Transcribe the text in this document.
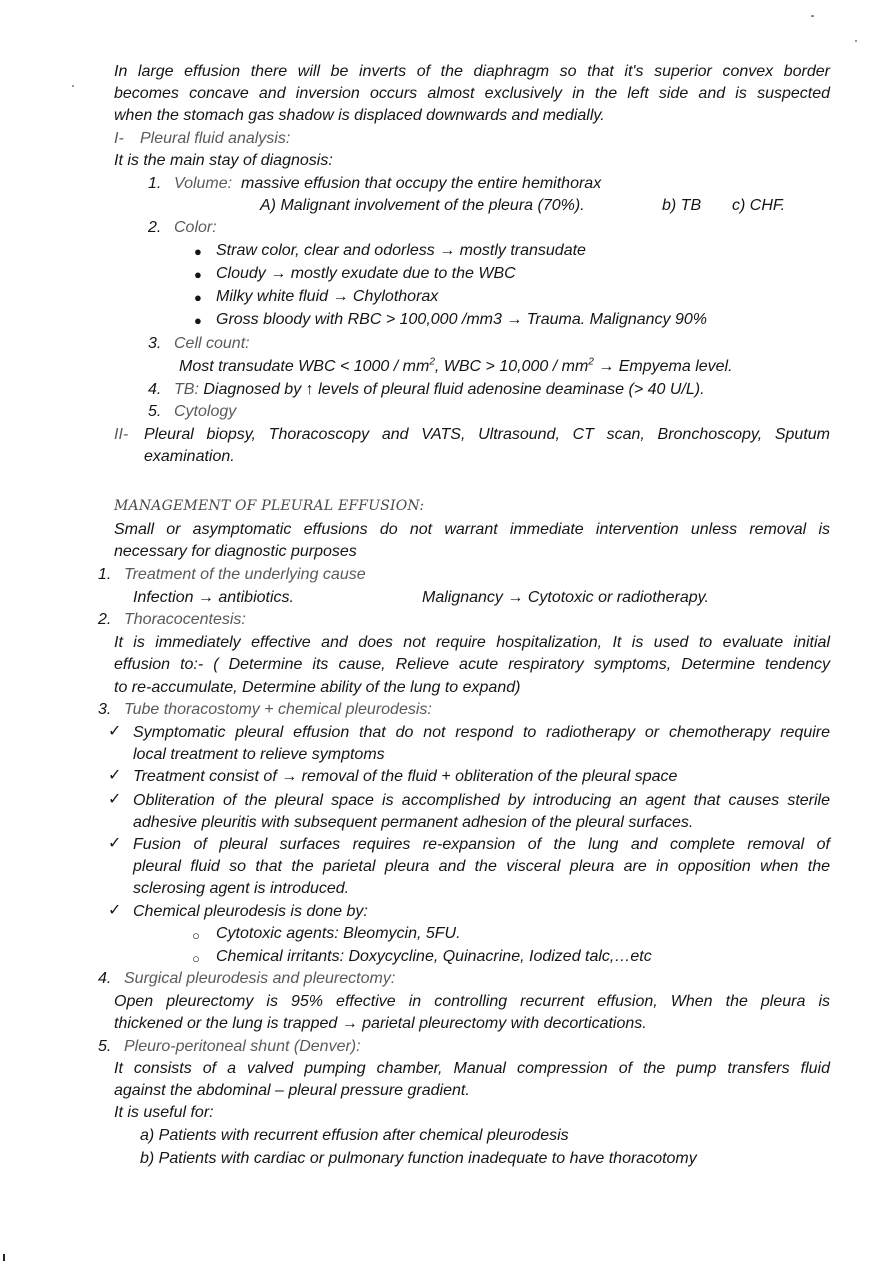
In large effusion there will be inverts of the diaphragm so that it's superior convex border
becomes concave and inversion occurs almost exclusively in the left side and is suspected
when the stomach gas shadow is displaced downwards and medially.
I- Pleural fluid analysis:
It is the main stay of diagnosis:
1. Volume: massive effusion that occupy the entire hemithorax
A) Malignant involvement of the pleura (70%).	b) TB c) CHF.
2. Color:
● Straw color, clear and odorless → mostly transudate
● Cloudy → mostly exudate due to the WBC
● Milky white fluid → Chylothorax
● Gross bloody with RBC > 100,000 /mm3 → Trauma. Malignancy 90%
3. Cell count:
Most transudate WBC < $1000 / mm^2$, WBC > $10,000 / mm^2$ → Empyema level.
4. TB: Diagnosed by ↑ levels of pleural fluid adenosine deaminase (> 40 U/L).
5. Cytology
II- Pleural biopsy, Thoracoscopy and VATS, Ultrasound, CT scan, Bronchoscopy, Sputum
examination.
MANAGEMENT OF PLEURAL EFFUSION:
Small or asymptomatic effusions do not warrant immediate intervention unless removal is
necessary for diagnostic purposes
1. Treatment of the underlying cause
Infection → antibiotics.	Malignancy → Cytotoxic or radiotherapy.
2. Thoracocentesis:
It is immediately effective and does not require hospitalization, It is used to evaluate initial
effusion to:- ( Determine its cause, Relieve acute respiratory symptoms, Determine tendency
to re-accumulate, Determine ability of the lung to expand)
3. Tube thoracostomy + chemical pleurodesis:
✓ Symptomatic pleural effusion that do not respond to radiotherapy or chemotherapy require
local treatment to relieve symptoms
✓ Treatment consist of → removal of the fluid + obliteration of the pleural space
✓ Obliteration of the pleural space is accomplished by introducing an agent that causes sterile
adhesive pleuritis with subsequent permanent adhesion of the pleural surfaces.
✓ Fusion of pleural surfaces requires re-expansion of the lung and complete removal of
pleural fluid so that the parietal pleura and the visceral pleura are in opposition when the
sclerosing agent is introduced.
✓ Chemical pleurodesis is done by:
○ Cytotoxic agents: Bleomycin, 5FU.
○ Chemical irritants: Doxycycline, Quinacrine, Iodized talc,…etc
4. Surgical pleurodesis and pleurectomy:
Open pleurectomy is 95% effective in controlling recurrent effusion, When the pleura is
thickened or the lung is trapped → parietal pleurectomy with decortications.
5. Pleuro-peritoneal shunt (Denver):
It consists of a valved pumping chamber, Manual compression of the pump transfers fluid
against the abdominal – pleural pressure gradient.
It is useful for:
a) Patients with recurrent effusion after chemical pleurodesis
b) Patients with cardiac or pulmonary function inadequate to have thoracotomy
